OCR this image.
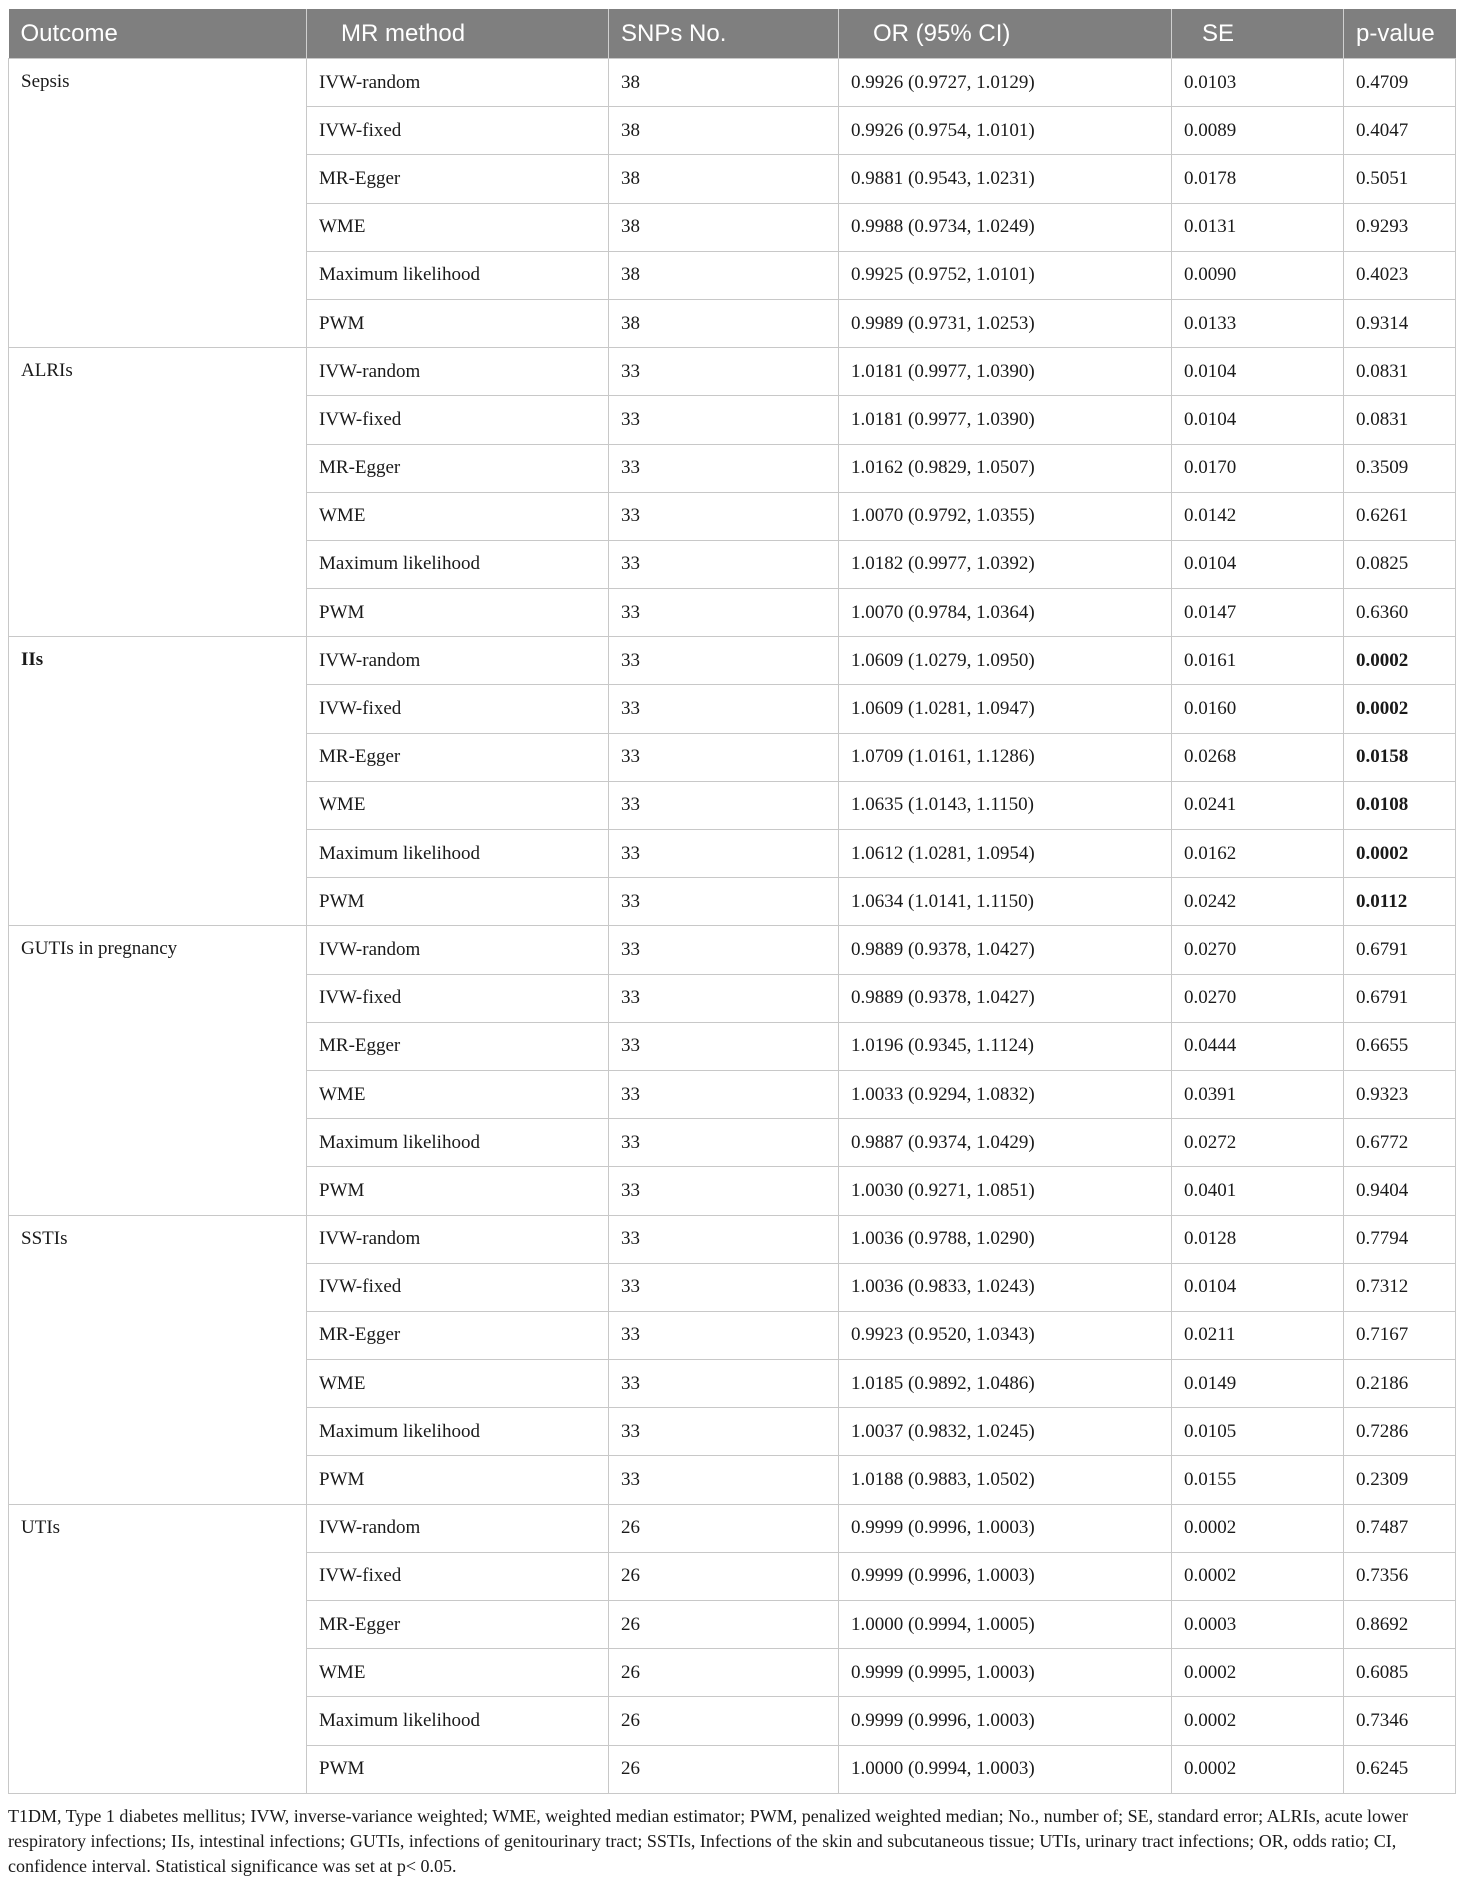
Outcome	MR method	SNPs No.	OR (95% CI)	SE	p-value
Sepsis	IVW-random	38	0.9926 (0.9727, 1.0129)	0.0103	0.4709
	IVW-fixed	38	0.9926 (0.9754, 1.0101)	0.0089	0.4047
	MR-Egger	38	0.9881 (0.9543, 1.0231)	0.0178	0.5051
	WME	38	0.9988 (0.9734, 1.0249)	0.0131	0.9293
	Maximum likelihood	38	0.9925 (0.9752, 1.0101)	0.0090	0.4023
	PWM	38	0.9989 (0.9731, 1.0253)	0.0133	0.9314
ALRIs	IVW-random	33	1.0181 (0.9977, 1.0390)	0.0104	0.0831
	IVW-fixed	33	1.0181 (0.9977, 1.0390)	0.0104	0.0831
	MR-Egger	33	1.0162 (0.9829, 1.0507)	0.0170	0.3509
	WME	33	1.0070 (0.9792, 1.0355)	0.0142	0.6261
	Maximum likelihood	33	1.0182 (0.9977, 1.0392)	0.0104	0.0825
	PWM	33	1.0070 (0.9784, 1.0364)	0.0147	0.6360
IIs	IVW-random	33	1.0609 (1.0279, 1.0950)	0.0161	0.0002
	IVW-fixed	33	1.0609 (1.0281, 1.0947)	0.0160	0.0002
	MR-Egger	33	1.0709 (1.0161, 1.1286)	0.0268	0.0158
	WME	33	1.0635 (1.0143, 1.1150)	0.0241	0.0108
	Maximum likelihood	33	1.0612 (1.0281, 1.0954)	0.0162	0.0002
	PWM	33	1.0634 (1.0141, 1.1150)	0.0242	0.0112
GUTIs in pregnancy	IVW-random	33	0.9889 (0.9378, 1.0427)	0.0270	0.6791
	IVW-fixed	33	0.9889 (0.9378, 1.0427)	0.0270	0.6791
	MR-Egger	33	1.0196 (0.9345, 1.1124)	0.0444	0.6655
	WME	33	1.0033 (0.9294, 1.0832)	0.0391	0.9323
	Maximum likelihood	33	0.9887 (0.9374, 1.0429)	0.0272	0.6772
	PWM	33	1.0030 (0.9271, 1.0851)	0.0401	0.9404
SSTIs	IVW-random	33	1.0036 (0.9788, 1.0290)	0.0128	0.7794
	IVW-fixed	33	1.0036 (0.9833, 1.0243)	0.0104	0.7312
	MR-Egger	33	0.9923 (0.9520, 1.0343)	0.0211	0.7167
	WME	33	1.0185 (0.9892, 1.0486)	0.0149	0.2186
	Maximum likelihood	33	1.0037 (0.9832, 1.0245)	0.0105	0.7286
	PWM	33	1.0188 (0.9883, 1.0502)	0.0155	0.2309
UTIs	IVW-random	26	0.9999 (0.9996, 1.0003)	0.0002	0.7487
	IVW-fixed	26	0.9999 (0.9996, 1.0003)	0.0002	0.7356
	MR-Egger	26	1.0000 (0.9994, 1.0005)	0.0003	0.8692
	WME	26	0.9999 (0.9995, 1.0003)	0.0002	0.6085
	Maximum likelihood	26	0.9999 (0.9996, 1.0003)	0.0002	0.7346
	PWM	26	1.0000 (0.9994, 1.0003)	0.0002	0.6245
T1DM, Type 1 diabetes mellitus; IVW, inverse-variance weighted; WME, weighted median estimator; PWM, penalized weighted median; No., number of; SE, standard error; ALRIs, acute lower respiratory infections; IIs, intestinal infections; GUTIs, infections of genitourinary tract; SSTIs, Infections of the skin and subcutaneous tissue; UTIs, urinary tract infections; OR, odds ratio; CI, confidence interval. Statistical significance was set at p< 0.05.
